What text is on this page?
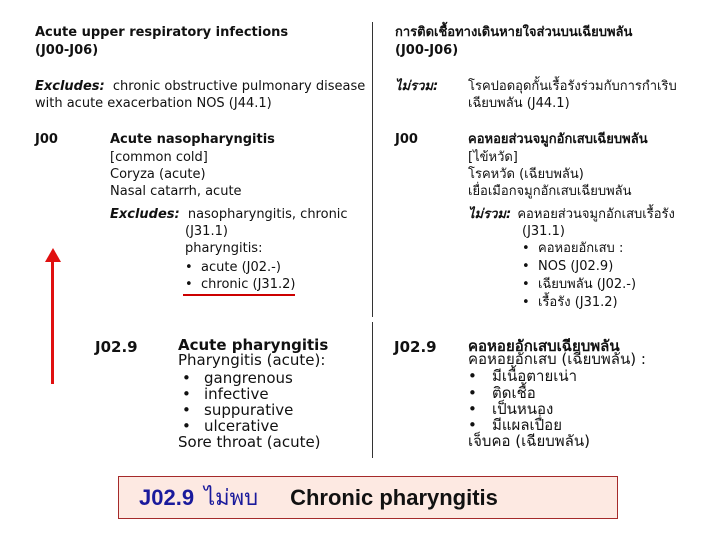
Acute upper respiratory infections
(J00-J06)
Excludes: chronic obstructive pulmonary disease
with acute exacerbation NOS (J44.1)
J00	Acute nasopharyngitis
[common cold]
Coryza (acute)
Nasal catarrh, acute
Excludes: nasopharyngitis, chronic
(J31.1)
pharyngitis:
• acute (J02.-)
• chronic (J31.2)
การติดเชื้อทางเดินหายใจส่วนบนเฉียบพลัน
(J00-J06)
ไม่รวม: โรคปอดอุดกั้นเรื้อรังร่วมกับการกำเริบ
เฉียบพลัน (J44.1)
J00	คอหอยส่วนจมูกอักเสบเฉียบพลัน
[ไข้หวัด]
โรคหวัด (เฉียบพลัน)
เยื่อเมือกจมูกอักเสบเฉียบพลัน
ไม่รวม: คอหอยส่วนจมูกอักเสบเรื้อรัง
(J31.1)
• คอหอยอักเสบ :
• NOS (J02.9)
• เฉียบพลัน (J02.-)
• เรื้อรัง (J31.2)
J02.9	Acute pharyngitis
Pharyngitis (acute):
• gangrenous
• infective
• suppurative
• ulcerative
Sore throat (acute)
J02.9 คอหอยอักเสบเฉียบพลัน
คอหอยอักเสบ (เฉียบพลัน) :
• มีเนื้อตายเน่า
• ติดเชื้อ
• เป็นหนอง
• มีแผลเปื่อย
เจ็บคอ (เฉียบพลัน)
J02.9 ไม่พบ Chronic pharyngitis
